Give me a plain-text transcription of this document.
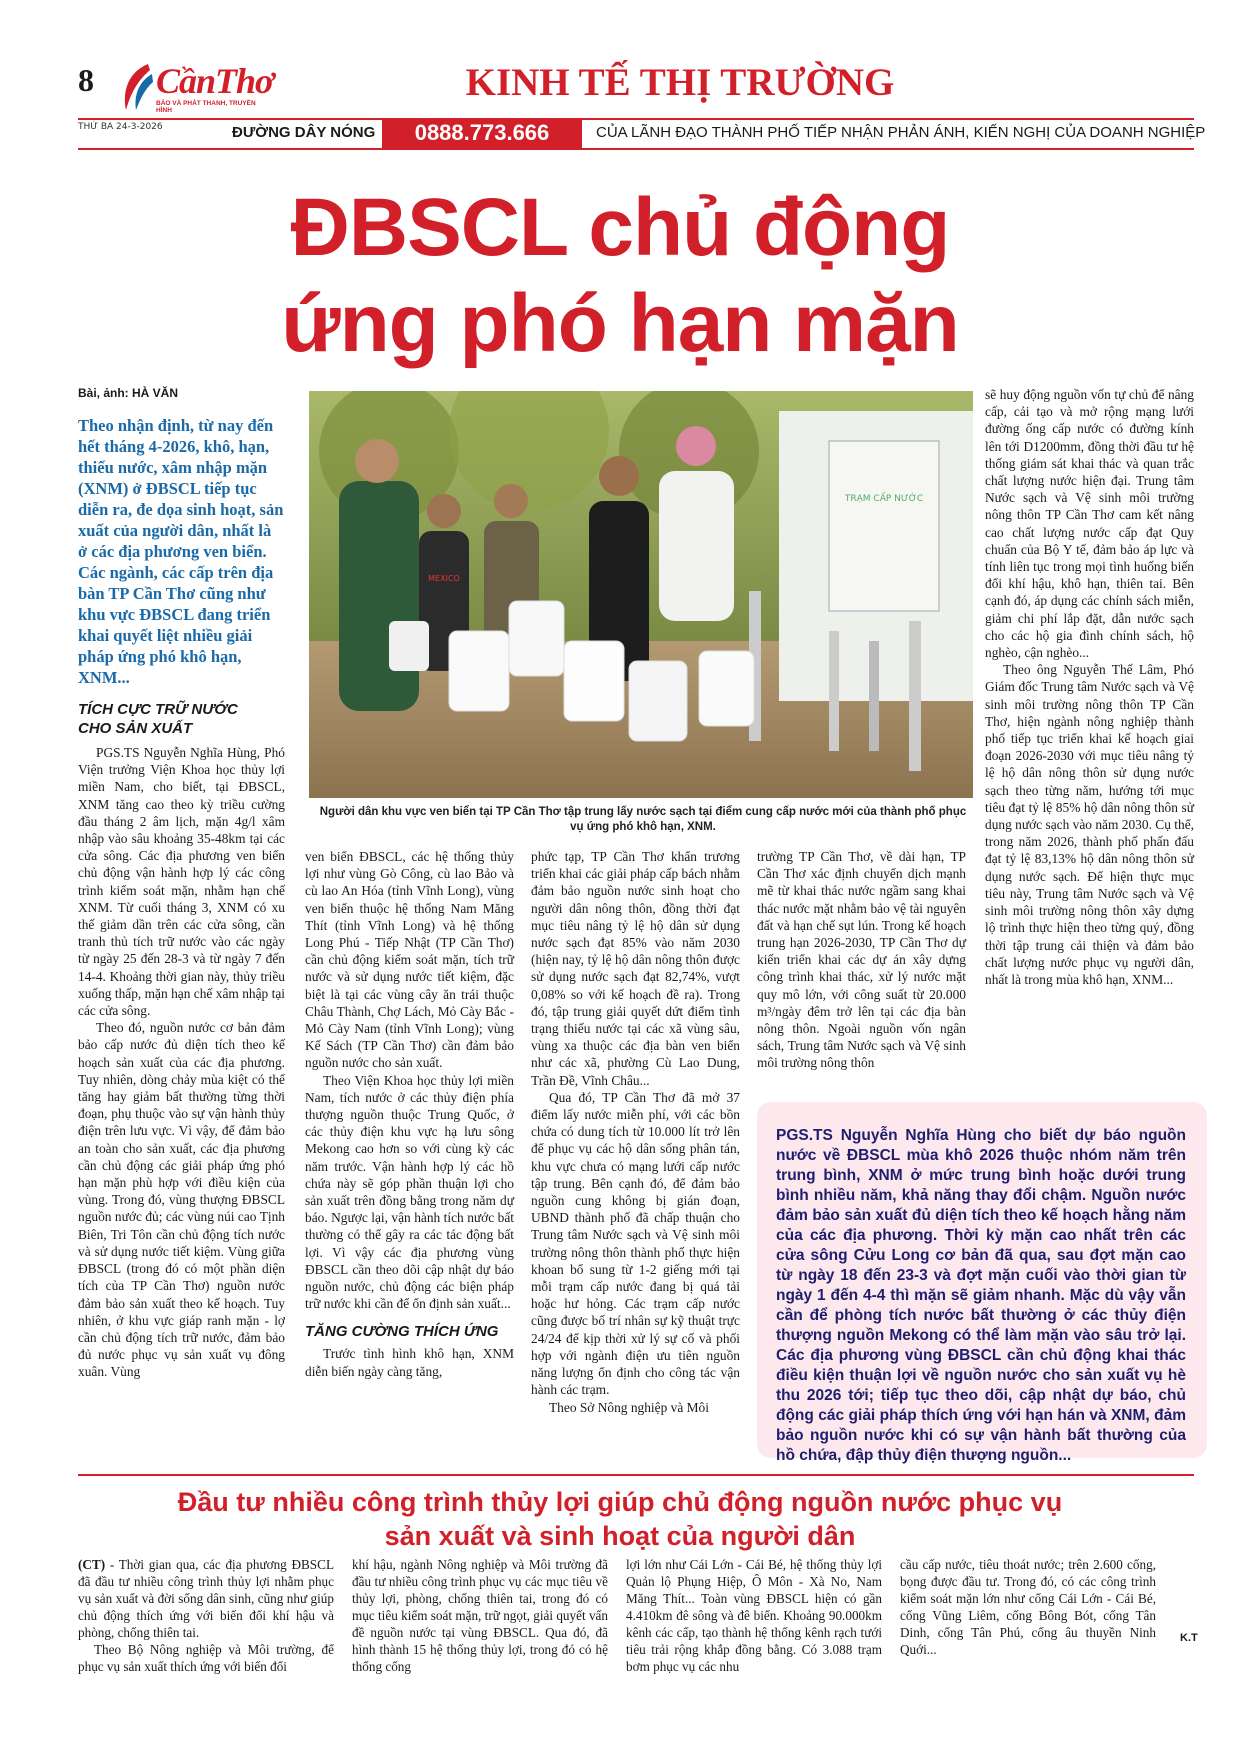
8 CầnThơ
BÁO VÀ PHÁT THANH, TRUYỀN HÌNH
KINH TẾ THỊ TRƯỜNG
THỨ BA 24-3-2026	ĐƯỜNG DÂY NÓNG	0888.773.666	CỦA LÃNH ĐẠO THÀNH PHỐ TIẾP NHẬN PHẢN ÁNH, KIẾN NGHỊ CỦA DOANH NGHIỆP
ĐBSCL chủ động
ứng phó hạn mặn
Bài, ảnh: HÀ VĂN
Theo nhận định, từ nay đến hết tháng 4-2026, khô, hạn, thiếu nước, xâm nhập mặn (XNM) ở ĐBSCL tiếp tục diễn ra, đe dọa sinh hoạt, sản xuất của người dân, nhất là ở các địa phương ven biển. Các ngành, các cấp trên địa bàn TP Cần Thơ cũng như khu vực ĐBSCL đang triển khai quyết liệt nhiều giải pháp ứng phó khô hạn, XNM...
TÍCH CỰC TRỮ NƯỚC
CHO SẢN XUẤT

PGS.TS Nguyễn Nghĩa Hùng, Phó Viện trưởng Viện Khoa học thủy lợi miền Nam, cho biết, tại ĐBSCL, XNM tăng cao theo kỳ triều cường đầu tháng 2 âm lịch, mặn 4g/l xâm nhập vào sâu khoảng 35-48km tại các cửa sông. Các địa phương ven biển chủ động vận hành hợp lý các công trình kiểm soát mặn, nhằm hạn chế XNM. Từ cuối tháng 3, XNM có xu thế giảm dần trên các cửa sông, cần tranh thủ tích trữ nước vào các ngày từ ngày 25 đến 28-3 và từ ngày 7 đến 14-4. Khoảng thời gian này, thủy triều xuống thấp, mặn hạn chế xâm nhập tại các cửa sông.

Theo đó, nguồn nước cơ bản đảm bảo cấp nước đủ diện tích theo kế hoạch sản xuất của các địa phương. Tuy nhiên, dòng chảy mùa kiệt có thể tăng hay giảm bất thường từng thời đoạn, phụ thuộc vào sự vận hành thủy điện trên lưu vực. Vì vậy, để đảm bảo an toàn cho sản xuất, các địa phương cần chủ động các giải pháp ứng phó hạn mặn phù hợp với điều kiện của vùng. Trong đó, vùng thượng ĐBSCL nguồn nước đủ; các vùng núi cao Tịnh Biên, Tri Tôn cần chủ động tích nước và sử dụng nước tiết kiệm. Vùng giữa ĐBSCL (trong đó có một phần diện tích của TP Cần Thơ) nguồn nước đảm bảo sản xuất theo kế hoạch. Tuy nhiên, ở khu vực giáp ranh mặn - lợ cần chủ động tích trữ nước, đảm bảo đủ nước phục vụ sản xuất vụ đông xuân. Vùng

TRẠM CẤP NƯỚC
MEXICO
Người dân khu vực ven biển tại TP Cần Thơ tập trung lấy nước sạch tại điểm cung cấp nước mới của thành phố phục vụ ứng phó khô hạn, XNM.

ven biển ĐBSCL, các hệ thống thủy lợi như vùng Gò Công, cù lao Bảo và cù lao An Hóa (tỉnh Vĩnh Long), vùng ven biển thuộc hệ thống Nam Măng Thít (tỉnh Vĩnh Long) và hệ thống Long Phú - Tiếp Nhật (TP Cần Thơ) cần chủ động kiểm soát mặn, tích trữ nước và sử dụng nước tiết kiệm, đặc biệt là tại các vùng cây ăn trái thuộc Châu Thành, Chợ Lách, Mỏ Cày Bắc - Mỏ Cày Nam (tỉnh Vĩnh Long); vùng Kế Sách (TP Cần Thơ) cần đảm bảo nguồn nước cho sản xuất.

Theo Viện Khoa học thủy lợi miền Nam, tích nước ở các thủy điện phía thượng nguồn thuộc Trung Quốc, ở các thủy điện khu vực hạ lưu sông Mekong cao hơn so với cùng kỳ các năm trước. Vận hành hợp lý các hồ chứa này sẽ góp phần thuận lợi cho sản xuất trên đồng bằng trong năm dự báo. Ngược lại, vận hành tích nước bất thường có thể gây ra các tác động bất lợi. Vì vậy các địa phương vùng ĐBSCL cần theo dõi cập nhật dự báo nguồn nước, chủ động các biện pháp trữ nước khi cần để ổn định sản xuất...

TĂNG CƯỜNG THÍCH ỨNG

Trước tình hình khô hạn, XNM diễn biến ngày càng tăng,

phức tạp, TP Cần Thơ khẩn trương triển khai các giải pháp cấp bách nhằm đảm bảo nguồn nước sinh hoạt cho người dân nông thôn, đồng thời đạt mục tiêu nâng tỷ lệ hộ dân sử dụng nước sạch đạt 85% vào năm 2030 (hiện nay, tỷ lệ hộ dân nông thôn được sử dụng nước sạch đạt 82,74%, vượt 0,08% so với kế hoạch đề ra). Trong đó, tập trung giải quyết dứt điểm tình trạng thiếu nước tại các xã vùng sâu, vùng xa thuộc các địa bàn ven biển như các xã, phường Cù Lao Dung, Trần Đề, Vĩnh Châu...

Qua đó, TP Cần Thơ đã mở 37 điểm lấy nước miễn phí, với các bồn chứa có dung tích từ 10.000 lít trở lên để phục vụ các hộ dân sống phân tán, khu vực chưa có mạng lưới cấp nước tập trung. Bên cạnh đó, để đảm bảo nguồn cung không bị gián đoạn, UBND thành phố đã chấp thuận cho Trung tâm Nước sạch và Vệ sinh môi trường nông thôn thành phố thực hiện khoan bổ sung từ 1-2 giếng mới tại mỗi trạm cấp nước đang bị quá tải hoặc hư hỏng. Các trạm cấp nước cũng được bố trí nhân sự kỹ thuật trực 24/24 để kịp thời xử lý sự cố và phối hợp với ngành điện ưu tiên nguồn năng lượng ổn định cho công tác vận hành các trạm.

Theo Sở Nông nghiệp và Môi

trường TP Cần Thơ, về dài hạn, TP Cần Thơ xác định chuyển dịch mạnh mẽ từ khai thác nước ngầm sang khai thác nước mặt nhằm bảo vệ tài nguyên đất và hạn chế sụt lún. Trong kế hoạch trung hạn 2026-2030, TP Cần Thơ dự kiến triển khai các dự án xây dựng công trình khai thác, xử lý nước mặt quy mô lớn, với công suất từ 20.000 m³/ngày đêm trở lên tại các địa bàn nông thôn. Ngoài nguồn vốn ngân sách, Trung tâm Nước sạch và Vệ sinh môi trường nông thôn

sẽ huy động nguồn vốn tự chủ để nâng cấp, cải tạo và mở rộng mạng lưới đường ống cấp nước có đường kính lên tới D1200mm, đồng thời đầu tư hệ thống giám sát khai thác và quan trắc chất lượng nước hiện đại. Trung tâm Nước sạch và Vệ sinh môi trường nông thôn TP Cần Thơ cam kết nâng cao chất lượng nước cấp đạt Quy chuẩn của Bộ Y tế, đảm bảo áp lực và tính liên tục trong mọi tình huống biến đổi khí hậu, khô hạn, thiên tai. Bên cạnh đó, áp dụng các chính sách miễn, giảm chi phí lắp đặt, dẫn nước sạch cho các hộ gia đình chính sách, hộ nghèo, cận nghèo...

Theo ông Nguyễn Thế Lâm, Phó Giám đốc Trung tâm Nước sạch và Vệ sinh môi trường nông thôn TP Cần Thơ, hiện ngành nông nghiệp thành phố tiếp tục triển khai kế hoạch giai đoạn 2026-2030 với mục tiêu nâng tỷ lệ hộ dân nông thôn sử dụng nước sạch theo từng năm, hướng tới mục tiêu đạt tỷ lệ 85% hộ dân nông thôn sử dụng nước sạch vào năm 2030. Cụ thể, trong năm 2026, thành phố phấn đấu đạt tỷ lệ 83,13% hộ dân nông thôn sử dụng nước sạch. Để hiện thực mục tiêu này, Trung tâm Nước sạch và Vệ sinh môi trường nông thôn xây dựng lộ trình thực hiện theo từng quý, đồng thời tập trung cải thiện và đảm bảo chất lượng nước phục vụ người dân, nhất là trong mùa khô hạn, XNM...

PGS.TS Nguyễn Nghĩa Hùng cho biết dự báo nguồn nước về ĐBSCL mùa khô 2026 thuộc nhóm năm trên trung bình, XNM ở mức trung bình hoặc dưới trung bình nhiều năm, khả năng thay đổi chậm. Nguồn nước đảm bảo sản xuất đủ diện tích theo kế hoạch hằng năm của các địa phương. Thời kỳ mặn cao nhất trên các cửa sông Cửu Long cơ bản đã qua, sau đợt mặn cao từ ngày 18 đến 23-3 và đợt mặn cuối vào thời gian từ ngày 1 đến 4-4 thì mặn sẽ giảm nhanh. Mặc dù vậy vẫn cần để phòng tích nước bất thường ở các thủy điện thượng nguồn Mekong có thể làm mặn vào sâu trở lại. Các địa phương vùng ĐBSCL cần chủ động khai thác điều kiện thuận lợi về nguồn nước cho sản xuất vụ hè thu 2026 tới; tiếp tục theo dõi, cập nhật dự báo, chủ động các giải pháp thích ứng với hạn hán và XNM, đảm bảo nguồn nước khi có sự vận hành bất thường của hồ chứa, đập thủy điện thượng nguồn...
Đầu tư nhiều công trình thủy lợi giúp chủ động nguồn nước phục vụ
sản xuất và sinh hoạt của người dân

(CT) - Thời gian qua, các địa phương ĐBSCL đã đầu tư nhiều công trình thủy lợi nhằm phục vụ sản xuất và đời sống dân sinh, cũng như giúp chủ động thích ứng với biến đổi khí hậu và phòng, chống thiên tai.

Theo Bộ Nông nghiệp và Môi trường, để phục vụ sản xuất thích ứng với biến đổi

khí hậu, ngành Nông nghiệp và Môi trường đã đầu tư nhiều công trình phục vụ các mục tiêu về thủy lợi, phòng, chống thiên tai, trong đó có mục tiêu kiểm soát mặn, trữ ngọt, giải quyết vấn đề nguồn nước tại vùng ĐBSCL. Qua đó, đã hình thành 15 hệ thống thủy lợi, trong đó có hệ thống cống

lợi lớn như Cái Lớn - Cái Bé, hệ thống thủy lợi Quản lộ Phụng Hiệp, Ô Môn - Xà No, Nam Măng Thít... Toàn vùng ĐBSCL hiện có gần 4.410km đê sông và đê biển. Khoảng 90.000km kênh các cấp, tạo thành hệ thống kênh rạch tưới tiêu trải rộng khắp đồng bằng. Có 3.088 trạm bơm phục vụ các nhu

cầu cấp nước, tiêu thoát nước; trên 2.600 cống, bọng được đầu tư. Trong đó, có các công trình kiểm soát mặn lớn như cống Cái Lớn - Cái Bé, cống Vũng Liêm, cống Bông Bót, cống Tân Dinh, cống Tân Phú, cống âu thuyền Ninh Quới...

K.T
